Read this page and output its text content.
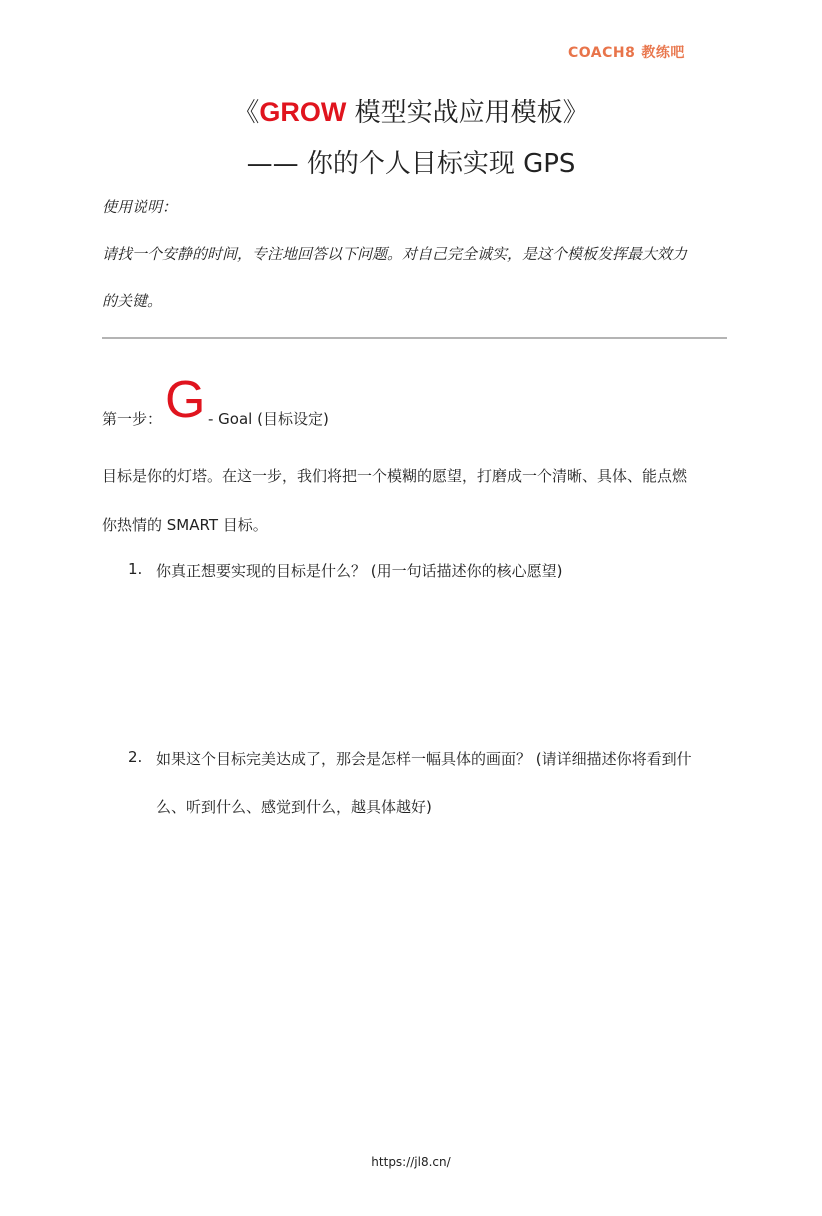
COACH8 教练吧
《GROW 模型实战应用模板》
—— 你的个人目标实现 GPS
使用说明：
请找一个安静的时间，专注地回答以下问题。对自己完全诚实，是这个模板发挥最大效力
的关键。
第一步： G - Goal (目标设定)
目标是你的灯塔。在这一步，我们将把一个模糊的愿望，打磨成一个清晰、具体、能点燃
你热情的 SMART 目标。
1. 你真正想要实现的目标是什么？ (用一句话描述你的核心愿望)
2. 如果这个目标完美达成了，那会是怎样一幅具体的画面？ (请详细描述你将看到什
么、听到什么、感觉到什么，越具体越好)
https://jl8.cn/
